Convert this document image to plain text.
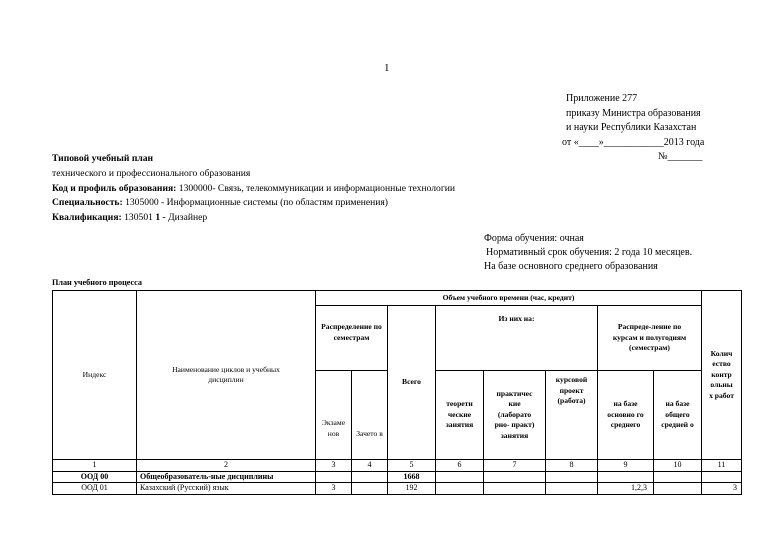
1
Приложение 277
приказу Министра образования
и науки Республики Казахстан
от «____»____________2013 года
№_______
Типовой учебный план
технического и профессионального образования
Код и профиль образования: 1300000- Связь, телекоммуникации и информационные технологии
Специальность: 1305000 - Информационные системы (по областям применения)
Квалификация: 130501 1 - Дизайнер
Форма обучения: очная
Нормативный срок обучения: 2 года 10 месяцев.
На базе основного среднего образования
План учебного процесса
Индекс	Наименование циклов и учебных дисциплин	Объем учебного времени (час, кредит)								Колич ество контр ольны х работ
		Распределение по семестрам		Всего	Из них на:			Распреде-ление по курсам и полугодиям (семестрам)		
		Экзаме нов	Зачето в		теорети ческие занятия	практичес кие (лаборато рно- практ) занятия	курсовой проект (работа)	на базе основно го среднего	на базе общего средней о	
1	2	3	4	5	6	7	8	9	10	11
ООД 00	Общеобразователь-ные дисциплины			1668						
ООД 01	Казахский (Русский) язык	3		192				1,2,3		3
